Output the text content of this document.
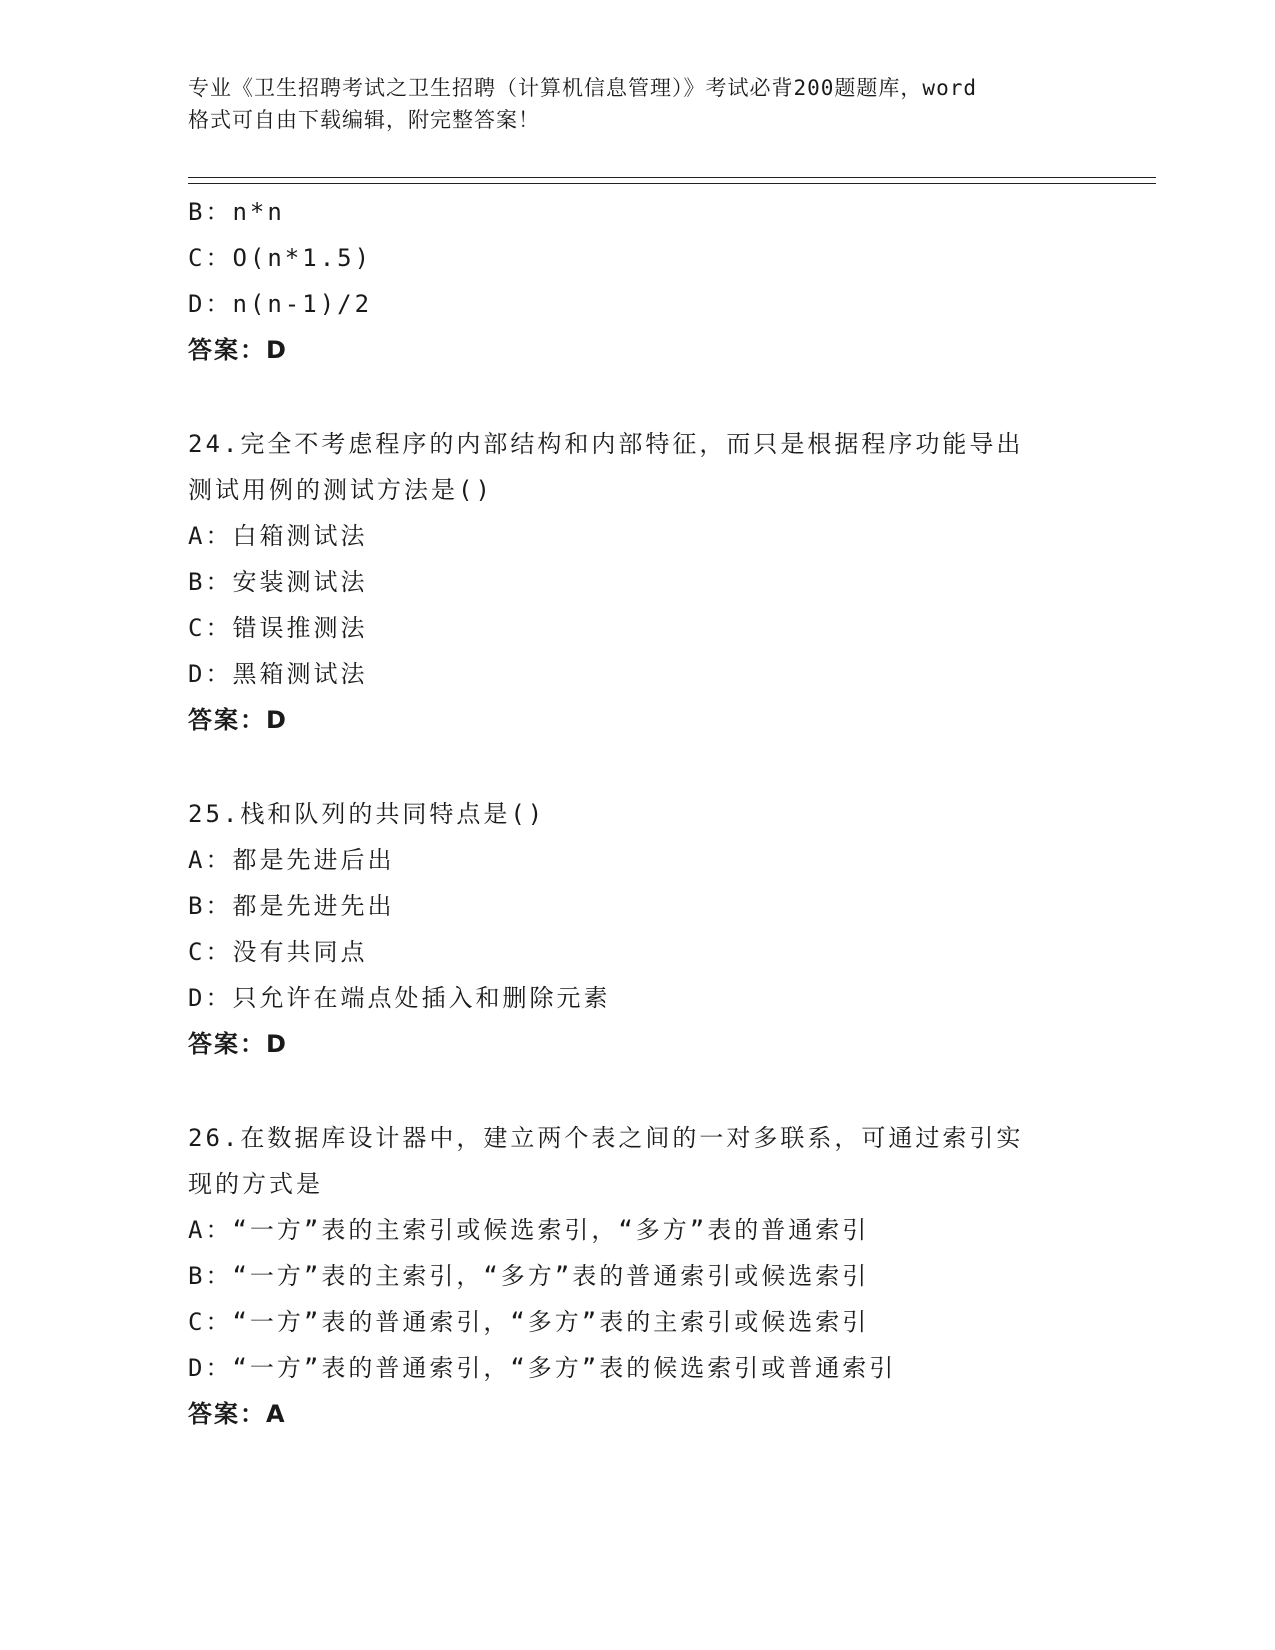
专业《卫生招聘考试之卫生招聘（计算机信息管理）》考试必背200题题库，word
格式可自由下载编辑，附完整答案！
B：n*n
C：O(n*1.5)
D：n(n-1)/2
答案：D
24.完全不考虑程序的内部结构和内部特征，而只是根据程序功能导出
测试用例的测试方法是()
A：白箱测试法
B：安装测试法
C：错误推测法
D：黑箱测试法
答案：D
25.栈和队列的共同特点是()
A：都是先进后出
B：都是先进先出
C：没有共同点
D：只允许在端点处插入和删除元素
答案：D
26.在数据库设计器中，建立两个表之间的一对多联系，可通过索引实
现的方式是
A：“一方”表的主索引或候选索引，“多方”表的普通索引
B：“一方”表的主索引，“多方”表的普通索引或候选索引
C：“一方”表的普通索引，“多方”表的主索引或候选索引
D：“一方”表的普通索引，“多方”表的候选索引或普通索引
答案：A
